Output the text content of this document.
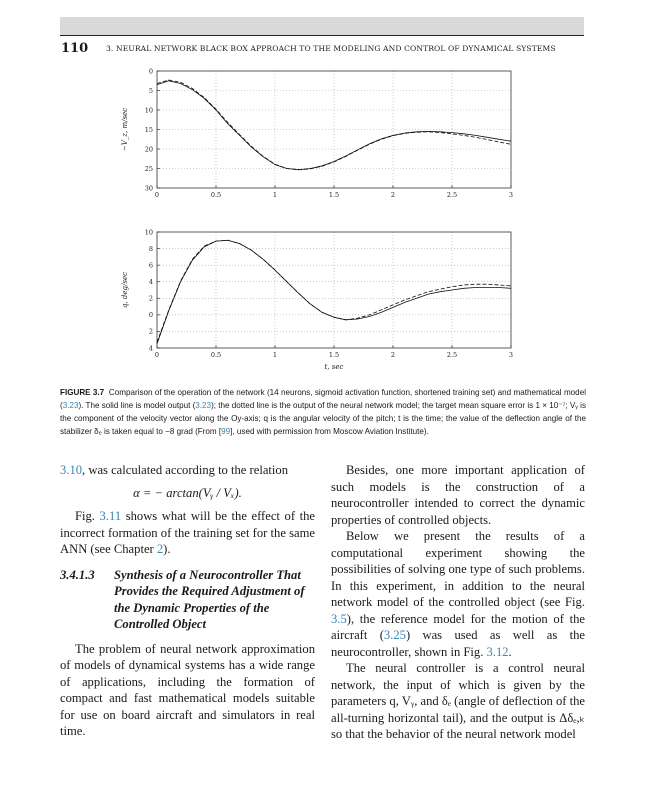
110 3. NEURAL NETWORK BLACK BOX APPROACH TO THE MODELING AND CONTROL OF DYNAMICAL SYSTEMS
0	0.5	1	1.5	2	2.5	3
0
5
10
15
20
25
30
−V_z, m/sec
0	0.5	1	1.5	2	2.5	3
10
8
6
4
2
0
2
4
q, deg/sec
t, sec
FIGURE 3.7 Comparison of the operation of the network (14 neurons, sigmoid activation function, shortened training set) and mathematical model (3.23). The solid line is model output (3.23); the dotted line is the output of the neural network model; the target mean square error is 1 × 10⁻⁷; Vᵧ is the component of the velocity vector along the Oy-axis; q is the angular velocity of the pitch; t is the time; the value of the deflection angle of the stabilizer δₑ is taken equal to −8 grad (From [99], used with permission from Moscow Aviation Institute).

3.10, was calculated according to the relation

α = − arctan(Vᵧ / Vₓ).

Fig. 3.11 shows what will be the effect of the incorrect formation of the training set for the same ANN (see Chapter 2).

3.4.1.3	Synthesis of a Neurocontroller That Provides the Required Adjustment of the Dynamic Properties of the Controlled Object

The problem of neural network approximation of models of dynamical systems has a wide range of applications, including the formation of compact and fast mathematical models suitable for use on board aircraft and simulators in real time.

Besides, one more important application of such models is the construction of a neurocontroller intended to correct the dynamic properties of controlled objects.

Below we present the results of a computational experiment showing the possibilities of solving one type of such problems. In this experiment, in addition to the neural network model of the controlled object (see Fig. 3.5), the reference model for the motion of the aircraft (3.25) was used as well as the neurocontroller, shown in Fig. 3.12.

The neural controller is a control neural network, the input of which is given by the parameters q, Vᵧ, and δₑ (angle of deflection of the all-turning horizontal tail), and the output is Δδₑ,ₖ so that the behavior of the neural network model
